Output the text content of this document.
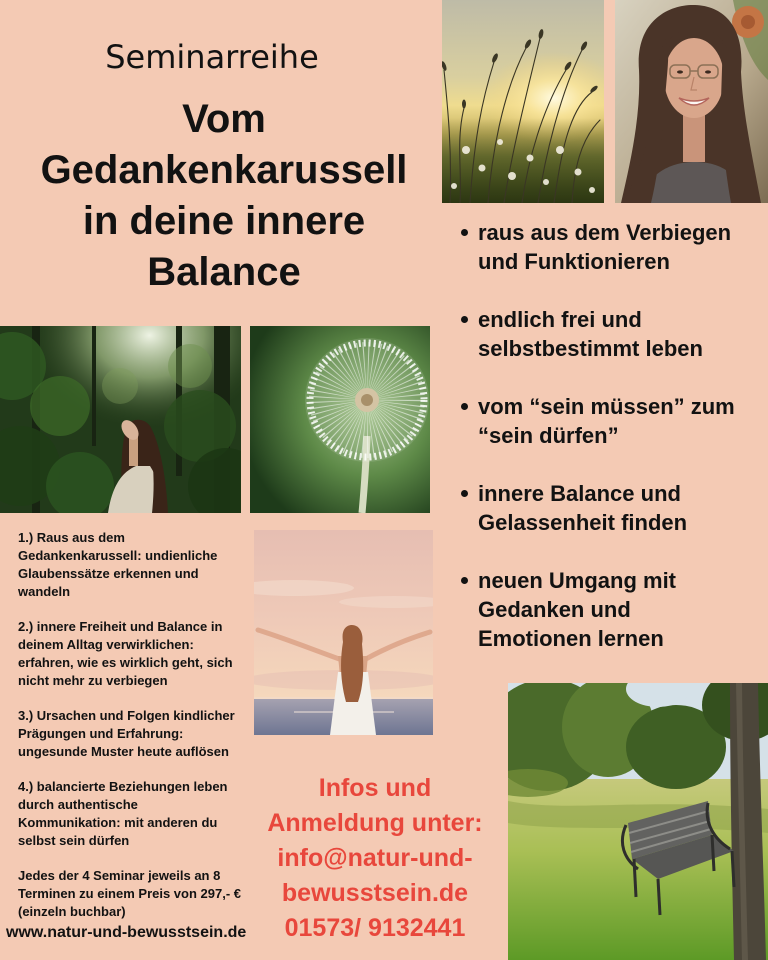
Seminarreihe
Vom
Gedankenkarussell
in deine innere
Balance
raus aus dem Verbiegen
und Funktionieren
endlich frei und
selbstbestimmt leben
vom “sein müssen” zum
“sein dürfen”
innere Balance und
Gelassenheit finden
neuen Umgang mit
Gedanken und
Emotionen lernen
1.) Raus aus dem
Gedankenkarussell: undienliche
Glaubenssätze erkennen und
wandeln
2.) innere Freiheit und Balance in
deinem Alltag verwirklichen:
erfahren, wie es wirklich geht, sich
nicht mehr zu verbiegen
3.) Ursachen und Folgen kindlicher
Prägungen und Erfahrung:
ungesunde Muster heute auflösen
4.) balancierte Beziehungen leben
durch authentische
Kommunikation: mit anderen du
selbst sein dürfen
Jedes der 4 Seminar jeweils an 8
Terminen zu einem Preis von 297,- €
(einzeln buchbar)
www.natur-und-bewusstsein.de
Infos und
Anmeldung unter:
info@natur-und-
bewusstsein.de
01573/ 9132441
